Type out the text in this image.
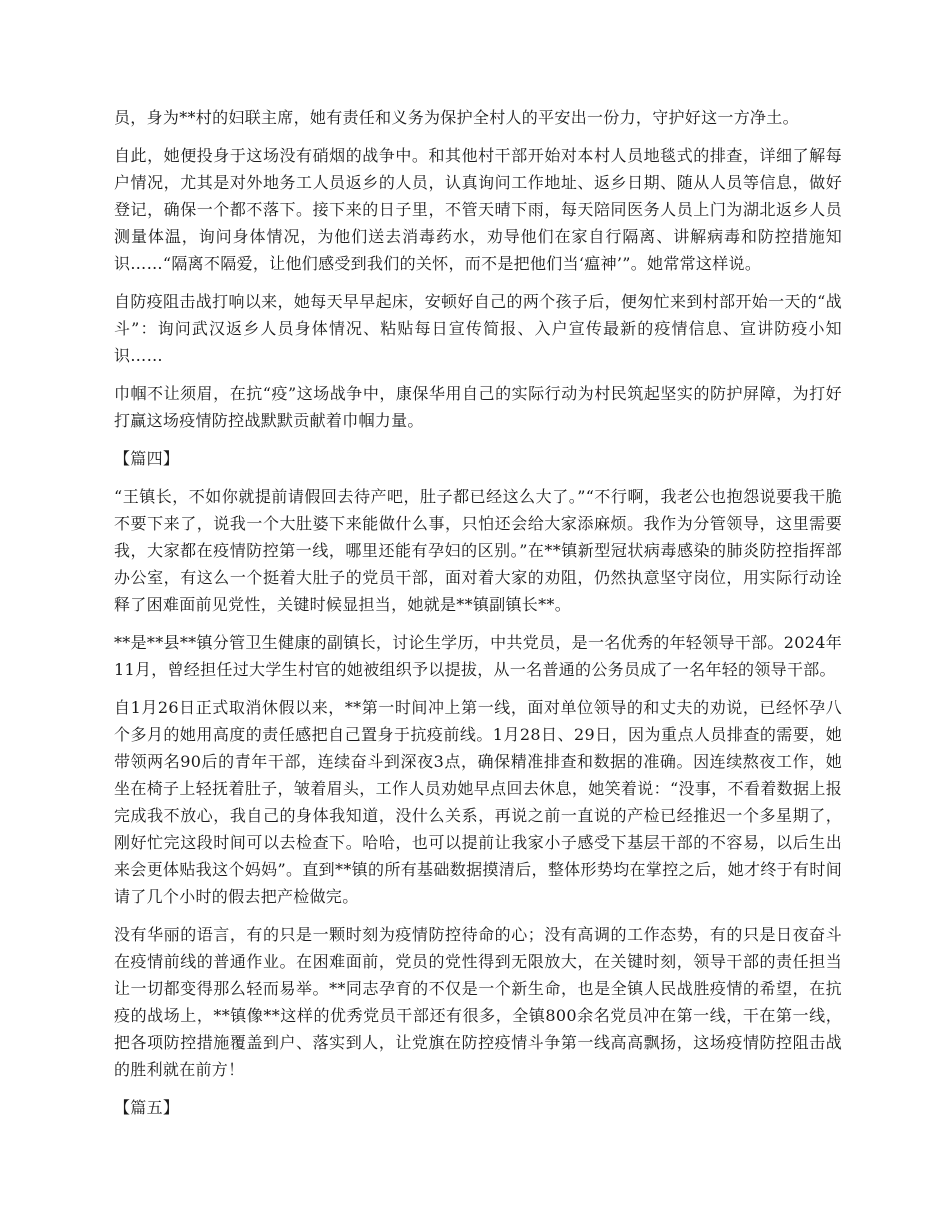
员，身为**村的妇联主席，她有责任和义务为保护全村人的平安出一份力，守护好这一方净土。

自此，她便投身于这场没有硝烟的战争中。和其他村干部开始对本村人员地毯式的排查，详细了解每户情况，尤其是对外地务工人员返乡的人员，认真询问工作地址、返乡日期、随从人员等信息，做好登记，确保一个都不落下。接下来的日子里，不管天晴下雨，每天陪同医务人员上门为湖北返乡人员测量体温，询问身体情况，为他们送去消毒药水，劝导他们在家自行隔离、讲解病毒和防控措施知识……“隔离不隔爱，让他们感受到我们的关怀，而不是把他们当‘瘟神’”。她常常这样说。

自防疫阻击战打响以来，她每天早早起床，安顿好自己的两个孩子后，便匆忙来到村部开始一天的“战斗”：询问武汉返乡人员身体情况、粘贴每日宣传简报、入户宣传最新的疫情信息、宣讲防疫小知识……

巾帼不让须眉，在抗“疫”这场战争中，康保华用自己的实际行动为村民筑起坚实的防护屏障，为打好打赢这场疫情防控战默默贡献着巾帼力量。

【篇四】

“王镇长，不如你就提前请假回去待产吧，肚子都已经这么大了。”“不行啊，我老公也抱怨说要我干脆不要下来了，说我一个大肚婆下来能做什么事，只怕还会给大家添麻烦。我作为分管领导，这里需要我，大家都在疫情防控第一线，哪里还能有孕妇的区别。”在**镇新型冠状病毒感染的肺炎防控指挥部办公室，有这么一个挺着大肚子的党员干部，面对着大家的劝阻，仍然执意坚守岗位，用实际行动诠释了困难面前见党性，关键时候显担当，她就是**镇副镇长**。

**是**县**镇分管卫生健康的副镇长，讨论生学历，中共党员，是一名优秀的年轻领导干部。2024年11月，曾经担任过大学生村官的她被组织予以提拔，从一名普通的公务员成了一名年轻的领导干部。

自1月26日正式取消休假以来，**第一时间冲上第一线，面对单位领导的和丈夫的劝说，已经怀孕八个多月的她用高度的责任感把自己置身于抗疫前线。1月28日、29日，因为重点人员排查的需要，她带领两名90后的青年干部，连续奋斗到深夜3点，确保精准排查和数据的准确。因连续熬夜工作，她坐在椅子上轻抚着肚子，皱着眉头，工作人员劝她早点回去休息，她笑着说：“没事，不看着数据上报完成我不放心，我自己的身体我知道，没什么关系，再说之前一直说的产检已经推迟一个多星期了，刚好忙完这段时间可以去检查下。哈哈，也可以提前让我家小子感受下基层干部的不容易，以后生出来会更体贴我这个妈妈”。直到**镇的所有基础数据摸清后，整体形势均在掌控之后，她才终于有时间请了几个小时的假去把产检做完。

没有华丽的语言，有的只是一颗时刻为疫情防控待命的心；没有高调的工作态势，有的只是日夜奋斗在疫情前线的普通作业。在困难面前，党员的党性得到无限放大，在关键时刻，领导干部的责任担当让一切都变得那么轻而易举。**同志孕育的不仅是一个新生命，也是全镇人民战胜疫情的希望，在抗疫的战场上，**镇像**这样的优秀党员干部还有很多，全镇800余名党员冲在第一线，干在第一线，把各项防控措施覆盖到户、落实到人，让党旗在防控疫情斗争第一线高高飘扬，这场疫情防控阻击战的胜利就在前方！

【篇五】
